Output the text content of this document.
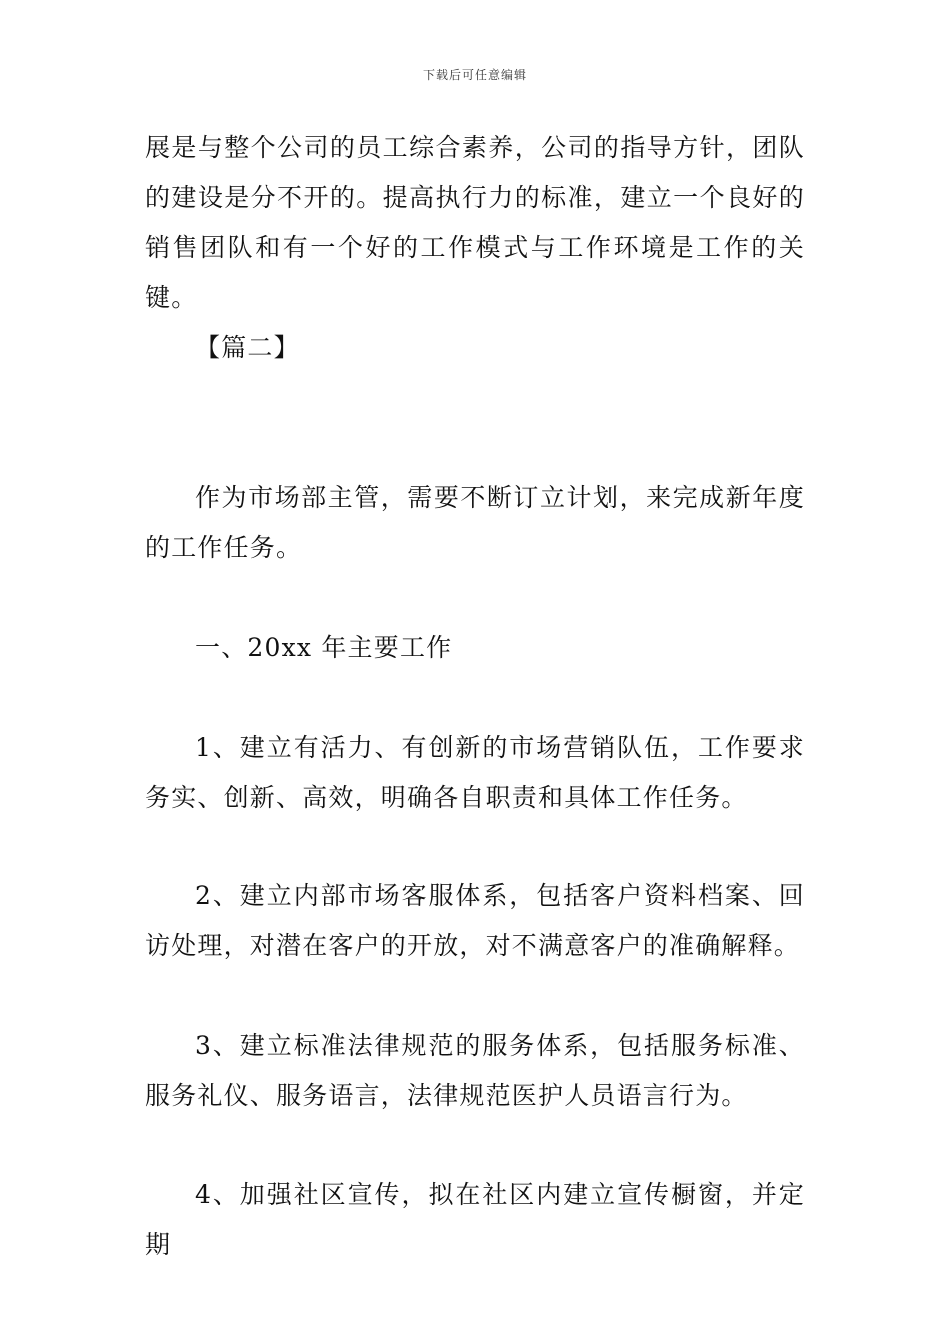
下载后可任意编辑

展是与整个公司的员工综合素养，公司的指导方针，团队的建设是分不开的。提高执行力的标准，建立一个良好的销售团队和有一个好的工作模式与工作环境是工作的关键。

【篇二】

作为市场部主管，需要不断订立计划，来完成新年度的工作任务。

一、20xx 年主要工作

1、建立有活力、有创新的市场营销队伍，工作要求务实、创新、高效，明确各自职责和具体工作任务。

2、建立内部市场客服体系，包括客户资料档案、回访处理，对潜在客户的开放，对不满意客户的准确解释。

3、建立标准法律规范的服务体系，包括服务标准、服务礼仪、服务语言，法律规范医护人员语言行为。

4、加强社区宣传，拟在社区内建立宣传橱窗，并定期
